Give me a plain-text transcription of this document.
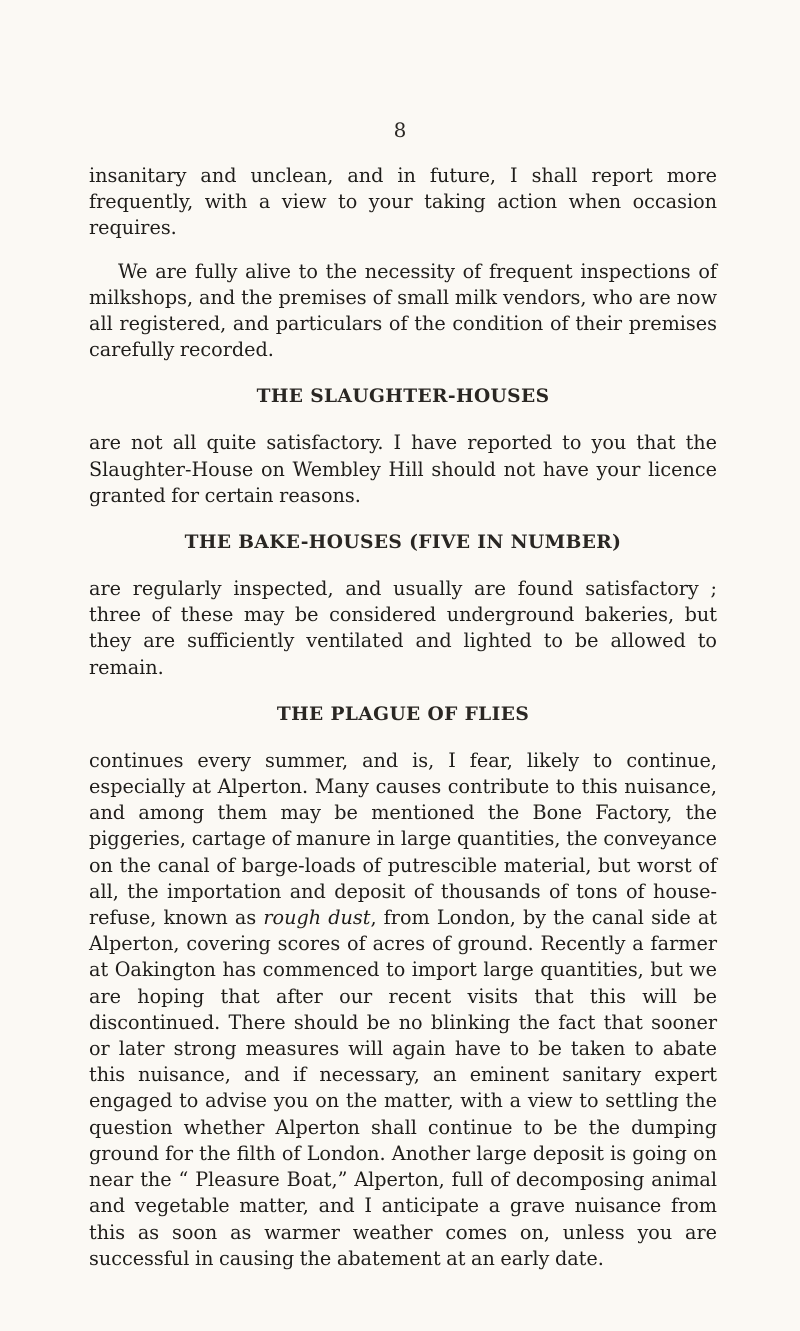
8

insanitary and unclean, and in future, I shall report more frequently, with a view to your taking action when occasion requires.

We are fully alive to the necessity of frequent inspections of milkshops, and the premises of small milk vendors, who are now all registered, and particulars of the condition of their premises carefully recorded.

THE SLAUGHTER-HOUSES

are not all quite satisfactory. I have reported to you that the Slaughter-House on Wembley Hill should not have your licence granted for certain reasons.

THE BAKE-HOUSES (FIVE IN NUMBER)

are regularly inspected, and usually are found satisfactory ; three of these may be considered underground bakeries, but they are sufficiently ventilated and lighted to be allowed to remain.

THE PLAGUE OF FLIES

continues every summer, and is, I fear, likely to continue, especially at Alperton. Many causes contribute to this nuisance, and among them may be mentioned the Bone Factory, the piggeries, cartage of manure in large quantities, the conveyance on the canal of barge-loads of putrescible material, but worst of all, the importation and deposit of thousands of tons of house-refuse, known as rough dust, from London, by the canal side at Alperton, covering scores of acres of ground. Recently a farmer at Oakington has commenced to import large quantities, but we are hoping that after our recent visits that this will be discontinued. There should be no blinking the fact that sooner or later strong measures will again have to be taken to abate this nuisance, and if necessary, an eminent sanitary expert engaged to advise you on the matter, with a view to settling the question whether Alperton shall continue to be the dumping ground for the filth of London. Another large deposit is going on near the “ Pleasure Boat,” Alperton, full of decomposing animal and vegetable matter, and I anticipate a grave nuisance from this as soon as warmer weather comes on, unless you are successful in causing the abatement at an early date.
